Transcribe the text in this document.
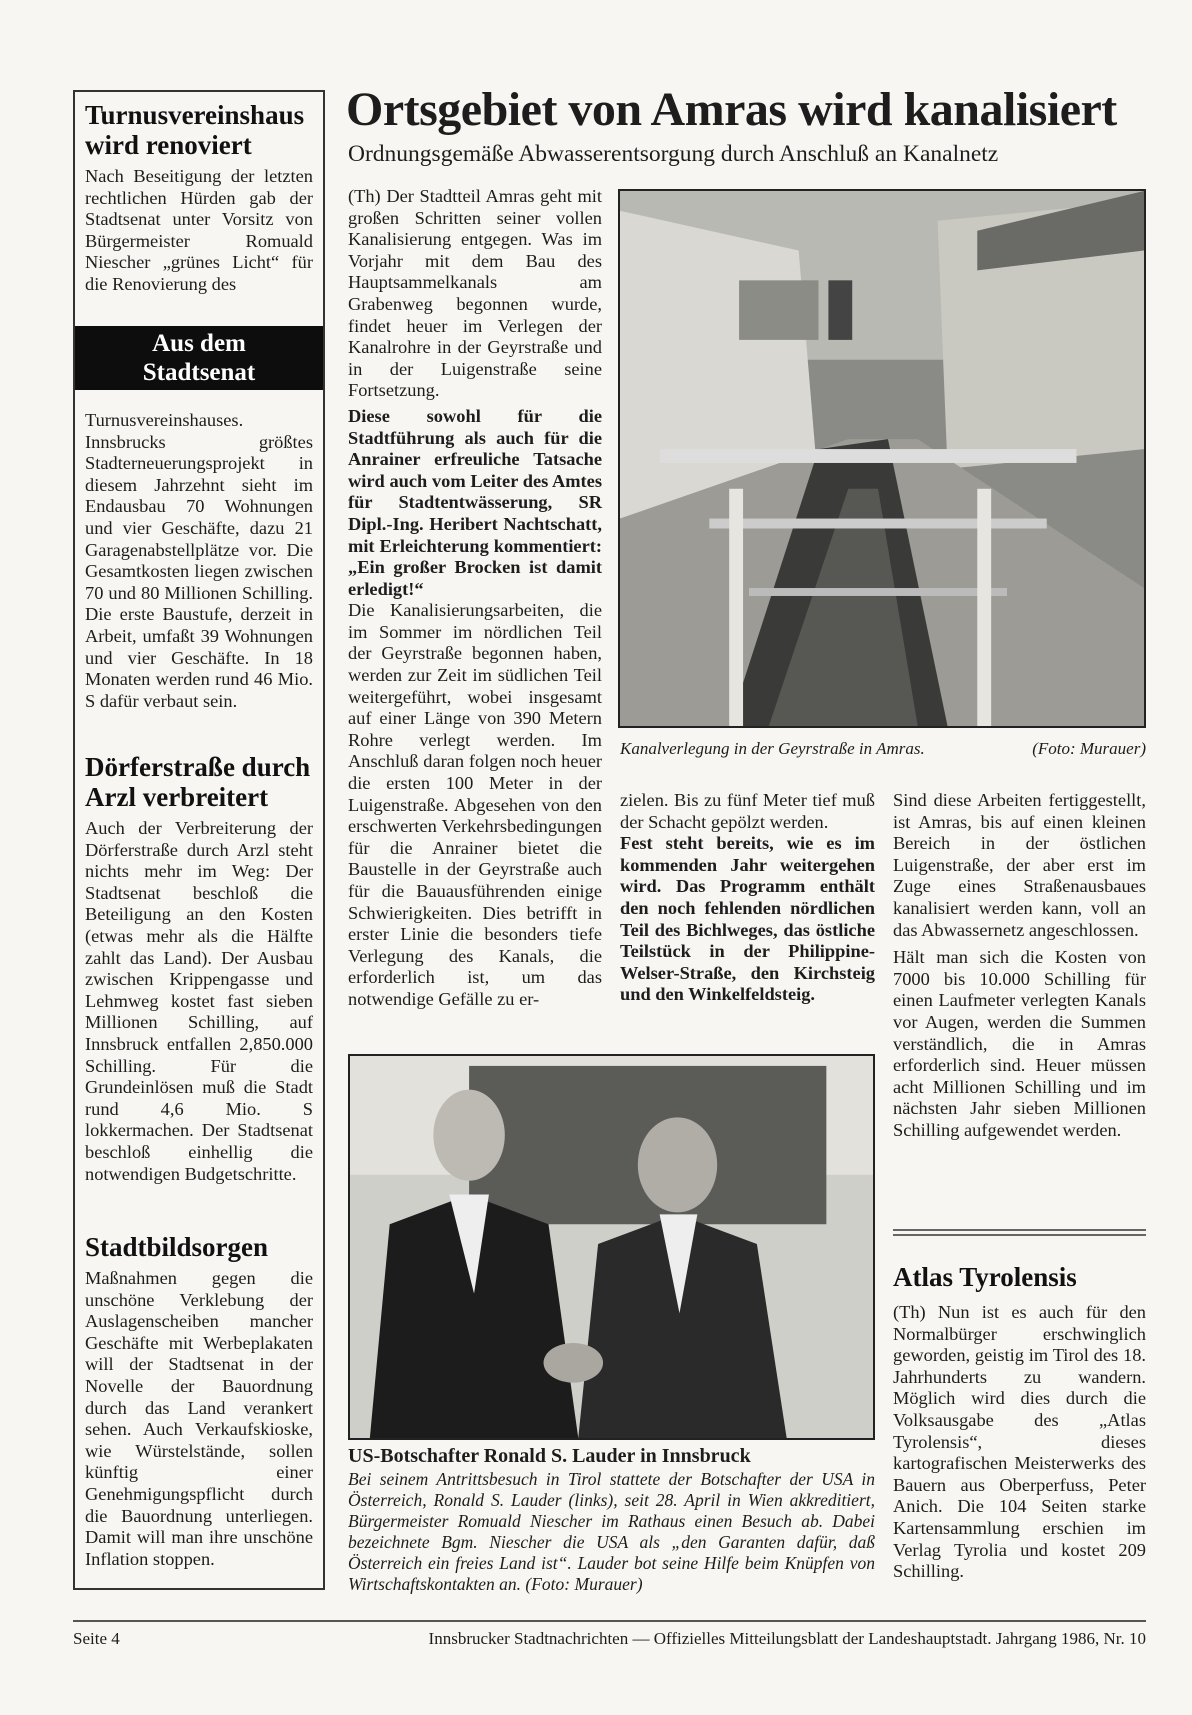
Turnusvereinshaus wird renoviert

Nach Beseitigung der letzten rechtlichen Hürden gab der Stadtsenat unter Vorsitz von Bürgermeister Romuald Niescher „grünes Licht“ für die Renovierung des

Aus dem
Stadtsenat

Turnusvereinshauses. Innsbrucks größtes Stadterneuerungsprojekt in diesem Jahrzehnt sieht im Endausbau 70 Wohnungen und vier Geschäfte, dazu 21 Garagenabstellplätze vor. Die Gesamtkosten liegen zwischen 70 und 80 Millionen Schilling. Die erste Baustufe, derzeit in Arbeit, umfaßt 39 Wohnungen und vier Geschäfte. In 18 Monaten werden rund 46 Mio. S dafür verbaut sein.

Dörferstraße durch Arzl verbreitert

Auch der Verbreiterung der Dörferstraße durch Arzl steht nichts mehr im Weg: Der Stadtsenat beschloß die Beteiligung an den Kosten (etwas mehr als die Hälfte zahlt das Land). Der Ausbau zwischen Krippengasse und Lehmweg kostet fast sieben Millionen Schilling, auf Innsbruck entfallen 2,850.000 Schilling. Für die Grundeinlösen muß die Stadt rund 4,6 Mio. S lokkermachen. Der Stadtsenat beschloß einhellig die notwendigen Budgetschritte.

Stadtbildsorgen

Maßnahmen gegen die unschöne Verklebung der Auslagenscheiben mancher Geschäfte mit Werbeplakaten will der Stadtsenat in der Novelle der Bauordnung durch das Land verankert sehen. Auch Verkaufskioske, wie Würstelstände, sollen künftig einer Genehmigungspflicht durch die Bauordnung unterliegen. Damit will man ihre unschöne Inflation stoppen.

Ortsgebiet von Amras wird kanalisiert
Ordnungsgemäße Abwasserentsorgung durch Anschluß an Kanalnetz

(Th) Der Stadtteil Amras geht mit großen Schritten seiner vollen Kanalisierung entgegen. Was im Vorjahr mit dem Bau des Hauptsammelkanals am Grabenweg begonnen wurde, findet heuer im Verlegen der Kanalrohre in der Geyrstraße und in der Luigenstraße seine Fortsetzung.

Diese sowohl für die Stadtführung als auch für die Anrainer erfreuliche Tatsache wird auch vom Leiter des Amtes für Stadtentwässerung, SR Dipl.-Ing. Heribert Nachtschatt, mit Erleichterung kommentiert: „Ein großer Brocken ist damit erledigt!“

Die Kanalisierungsarbeiten, die im Sommer im nördlichen Teil der Geyrstraße begonnen haben, werden zur Zeit im südlichen Teil weitergeführt, wobei insgesamt auf einer Länge von 390 Metern Rohre verlegt werden. Im Anschluß daran folgen noch heuer die ersten 100 Meter in der Luigenstraße. Abgesehen von den erschwerten Verkehrsbedingungen für die Anrainer bietet die Baustelle in der Geyrstraße auch für die Bauausführenden einige Schwierigkeiten. Dies betrifft in erster Linie die besonders tiefe Verlegung des Kanals, die erforderlich ist, um das notwendige Gefälle zu er-

Kanalverlegung in der Geyrstraße in Amras.	(Foto: Murauer)

zielen. Bis zu fünf Meter tief muß der Schacht gepölzt werden.

Fest steht bereits, wie es im kommenden Jahr weitergehen wird. Das Programm enthält den noch fehlenden nördlichen Teil des Bichlweges, das östliche Teilstück in der Philippine-Welser-Straße, den Kirchsteig und den Winkelfeldsteig.

Sind diese Arbeiten fertiggestellt, ist Amras, bis auf einen kleinen Bereich in der östlichen Luigenstraße, der aber erst im Zuge eines Straßenausbaues kanalisiert werden kann, voll an das Abwassernetz angeschlossen.

Hält man sich die Kosten von 7000 bis 10.000 Schilling für einen Laufmeter verlegten Kanals vor Augen, werden die Summen verständlich, die in Amras erforderlich sind. Heuer müssen acht Millionen Schilling und im nächsten Jahr sieben Millionen Schilling aufgewendet werden.

US-Botschafter Ronald S. Lauder in Innsbruck

Bei seinem Antrittsbesuch in Tirol stattete der Botschafter der USA in Österreich, Ronald S. Lauder (links), seit 28. April in Wien akkreditiert, Bürgermeister Romuald Niescher im Rathaus einen Besuch ab. Dabei bezeichnete Bgm. Niescher die USA als „den Garanten dafür, daß Österreich ein freies Land ist“. Lauder bot seine Hilfe beim Knüpfen von Wirtschaftskontakten an. (Foto: Murauer)

Atlas Tyrolensis

(Th) Nun ist es auch für den Normalbürger erschwinglich geworden, geistig im Tirol des 18. Jahrhunderts zu wandern. Möglich wird dies durch die Volksausgabe des „Atlas Tyrolensis“, dieses kartografischen Meisterwerks des Bauern aus Oberperfuss, Peter Anich. Die 104 Seiten starke Kartensammlung erschien im Verlag Tyrolia und kostet 209 Schilling.

Seite 4	Innsbrucker Stadtnachrichten — Offizielles Mitteilungsblatt der Landeshauptstadt. Jahrgang 1986, Nr. 10
